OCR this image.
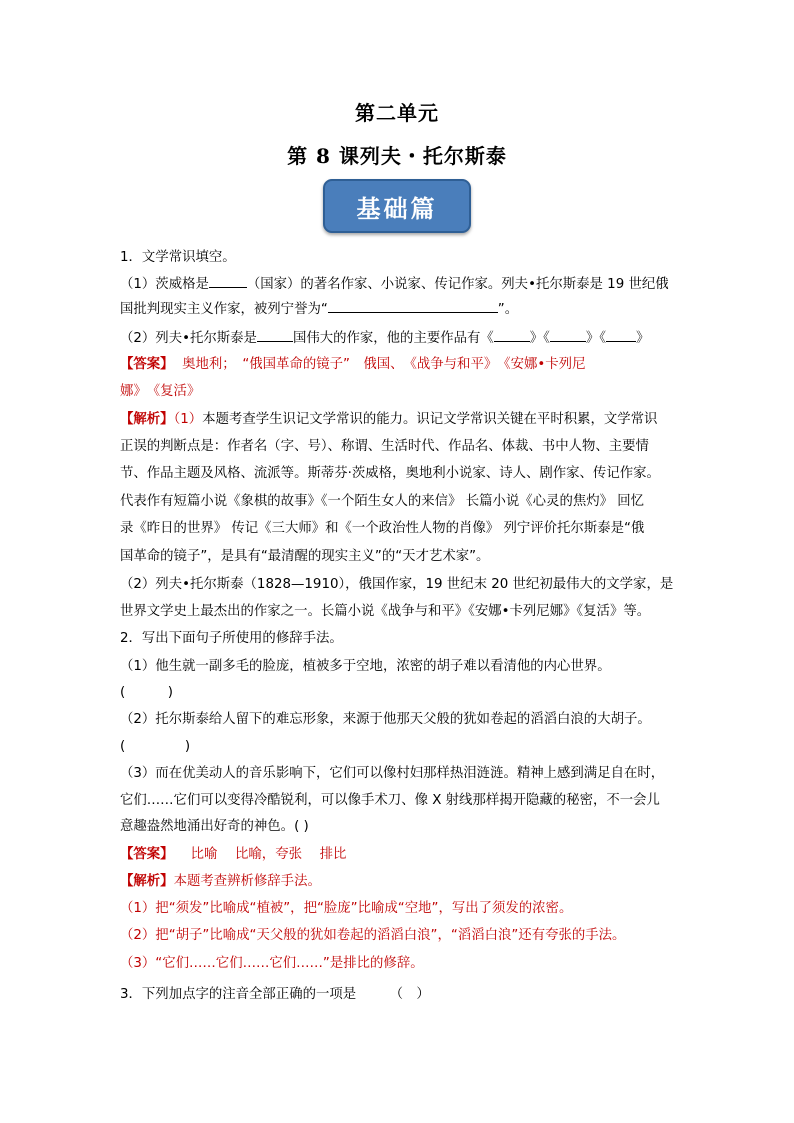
第二单元
第 8 课列夫・托尔斯泰
基础篇
1．文学常识填空。
（1）茨威格是	（国家）的著名作家、小说家、传记作家。列夫•托尔斯泰是 19 世纪俄
国批判现实主义作家，被列宁誉为“	”。
（2）列夫•托尔斯泰是	国伟大的作家，他的主要作品有《	》《	》《 》
【答案】 奥地利；　“俄国革命的镜子”　俄国、　《战争与和平》　《安娜•卡列尼
娜》　《复活》
【解析】（1）本题考查学生识记文学常识的能力。识记文学常识关键在平时积累，文学常识
正误的判断点是：作者名（字、号）、称谓、生活时代、作品名、体裁、书中人物、主要情
节、作品主题及风格、流派等。斯蒂芬·茨威格，奥地利小说家、诗人、剧作家、传记作家。
代表作有短篇小说《象棋的故事》《一个陌生女人的来信》 长篇小说《心灵的焦灼》 回忆
录《昨日的世界》 传记《三大师》和《一个政治性人物的肖像》 列宁评价托尔斯泰是“俄
国革命的镜子”，是具有“最清醒的现实主义”的“天才艺术家”。
（2）列夫•托尔斯泰（1828—1910），俄国作家，19 世纪末 20 世纪初最伟大的文学家，是
世界文学史上最杰出的作家之一。长篇小说《战争与和平》《安娜•卡列尼娜》《复活》等。
2．写出下面句子所使用的修辞手法。
（1）他生就一副多毛的脸庞，植被多于空地，浓密的胡子难以看清他的内心世界。
(          )
（2）托尔斯泰给人留下的难忘形象，来源于他那天父般的犹如卷起的滔滔白浪的大胡子。
(              )
（3）而在优美动人的音乐影响下，它们可以像村妇那样热泪涟涟。精神上感到满足自在时，
它们……它们可以变得冷酷锐利，可以像手术刀、像 X 射线那样揭开隐藏的秘密，不一会儿
意趣盎然地涌出好奇的神色。( )
【答案】 比喻　 比喻，夸张　 排比
【解析】本题考查辨析修辞手法。
（1）把“须发”比喻成“植被”，把“脸庞”比喻成“空地”，写出了须发的浓密。
（2）把“胡子”比喻成“天父般的犹如卷起的滔滔白浪”，“滔滔白浪”还有夸张的手法。
（3）“它们……它们……它们……”是排比的修辞。
3．下列加点字的注音全部正确的一项是　　　（　）
